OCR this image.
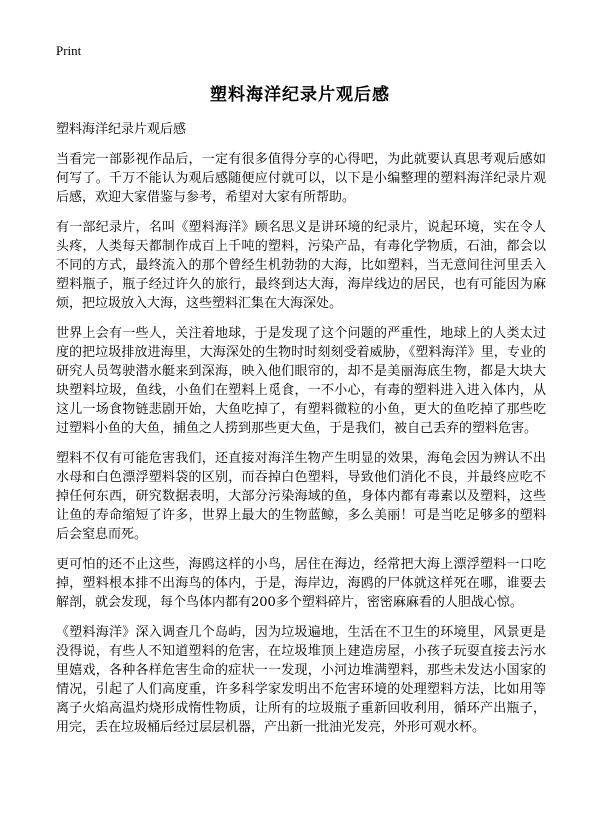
Print
塑料海洋纪录片观后感

塑料海洋纪录片观后感

当看完一部影视作品后，一定有很多值得分享的心得吧，为此就要认真思考观后感如何写了。千万不能认为观后感随便应付就可以，以下是小编整理的塑料海洋纪录片观后感，欢迎大家借鉴与参考，希望对大家有所帮助。

有一部纪录片，名叫《塑料海洋》顾名思义是讲环境的纪录片，说起环境，实在令人头疼，人类每天都制作成百上千吨的塑料，污染产品，有毒化学物质，石油，都会以不同的方式，最终流入的那个曾经生机勃勃的大海，比如塑料，当无意间往河里丢入塑料瓶子，瓶子经过许久的旅行，最终到达大海，海岸线边的居民，也有可能因为麻烦，把垃圾放入大海，这些塑料汇集在大海深处。

世界上会有一些人，关注着地球，于是发现了这个问题的严重性，地球上的人类太过度的把垃圾排放进海里，大海深处的生物时时刻刻受着威胁，《塑料海洋》里，专业的研究人员驾驶潜水艇来到深海，映入他们眼帘的，却不是美丽海底生物，都是大块大块塑料垃圾，鱼线，小鱼们在塑料上觅食，一不小心，有毒的塑料进入进入体内，从这儿一场食物链悲剧开始，大鱼吃掉了，有塑料微粒的小鱼，更大的鱼吃掉了那些吃过塑料小鱼的大鱼，捕鱼之人捞到那些更大鱼，于是我们，被自己丢弃的塑料危害。

塑料不仅有可能危害我们，还直接对海洋生物产生明显的效果，海龟会因为辨认不出水母和白色漂浮塑料袋的区别，而吞掉白色塑料，导致他们消化不良，并最终应吃不掉任何东西，研究数据表明，大部分污染海域的鱼，身体内都有毒素以及塑料，这些让鱼的寿命缩短了许多，世界上最大的生物蓝鲸，多么美丽！可是当吃足够多的塑料后会窒息而死。

更可怕的还不止这些，海鸥这样的小鸟，居住在海边，经常把大海上漂浮塑料一口吃掉，塑料根本排不出海鸟的体内，于是，海岸边，海鸥的尸体就这样死在哪，谁要去解剖，就会发现，每个鸟体内都有200多个塑料碎片，密密麻麻看的人胆战心惊。

《塑料海洋》深入调查几个岛屿，因为垃圾遍地，生活在不卫生的环境里，风景更是没得说，有些人不知道塑料的危害，在垃圾堆顶上建造房屋，小孩子玩耍直接去污水里嬉戏，各种各样危害生命的症状一一发现，小河边堆满塑料，那些未发达小国家的情况，引起了人们高度重，许多科学家发明出不危害环境的处理塑料方法，比如用等离子火焰高温灼烧形成惰性物质，让所有的垃圾瓶子重新回收利用，循环产出瓶子，用完，丢在垃圾桶后经过层层机器，产出新一批油光发亮，外形可观水杯。
